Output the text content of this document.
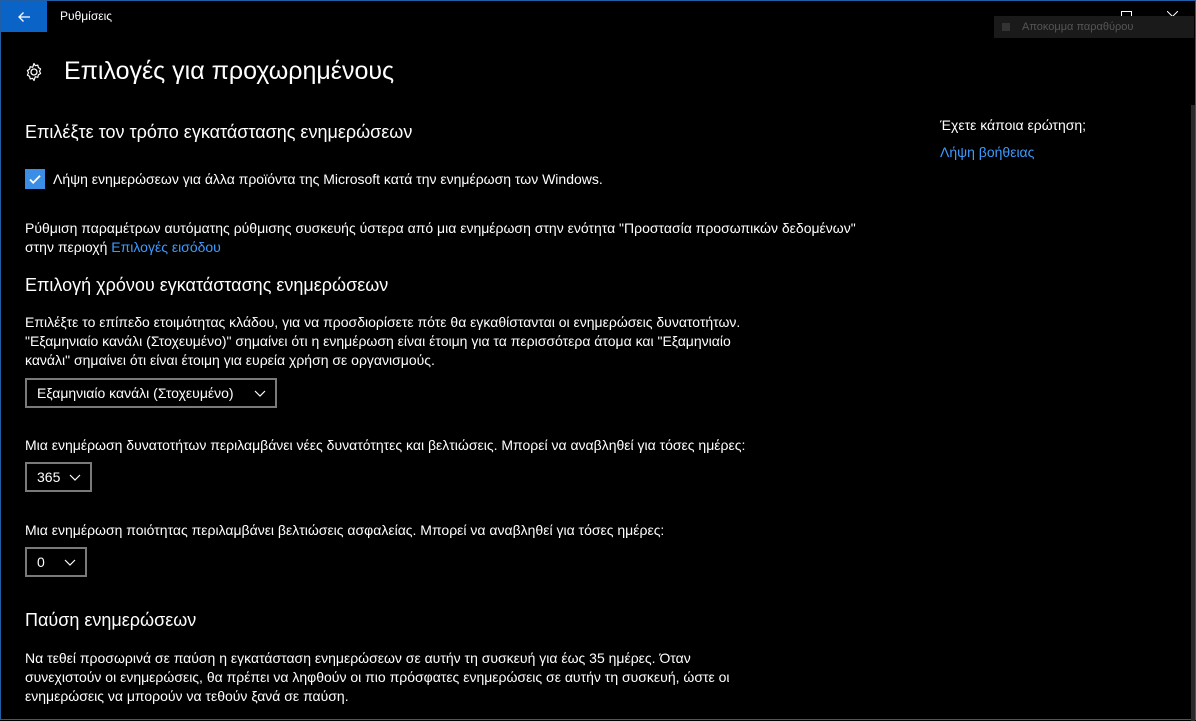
Ρυθμίσεις
Αποκομμα παραθύρου
Επιλογές για προχωρημένους
Επιλέξτε τον τρόπο εγκατάστασης ενημερώσεων
Λήψη ενημερώσεων για άλλα προϊόντα της Microsoft κατά την ενημέρωση των Windows.
Ρύθμιση παραμέτρων αυτόματης ρύθμισης συσκευής ύστερα από μια ενημέρωση στην ενότητα "Προστασία προσωπικών δεδομένων"
στην περιοχή Επιλογές εισόδου
Επιλογή χρόνου εγκατάστασης ενημερώσεων
Επιλέξτε το επίπεδο ετοιμότητας κλάδου, για να προσδιορίσετε πότε θα εγκαθίστανται οι ενημερώσεις δυνατοτήτων.
"Εξαμηνιαίο κανάλι (Στοχευμένο)" σημαίνει ότι η ενημέρωση είναι έτοιμη για τα περισσότερα άτομα και "Εξαμηνιαίο
κανάλι" σημαίνει ότι είναι έτοιμη για ευρεία χρήση σε οργανισμούς.
Εξαμηνιαίο κανάλι (Στοχευμένο)
Μια ενημέρωση δυνατοτήτων περιλαμβάνει νέες δυνατότητες και βελτιώσεις. Μπορεί να αναβληθεί για τόσες ημέρες:
365
Μια ενημέρωση ποιότητας περιλαμβάνει βελτιώσεις ασφαλείας. Μπορεί να αναβληθεί για τόσες ημέρες:
0
Παύση ενημερώσεων
Να τεθεί προσωρινά σε παύση η εγκατάσταση ενημερώσεων σε αυτήν τη συσκευή για έως 35 ημέρες. Όταν
συνεχιστούν οι ενημερώσεις, θα πρέπει να ληφθούν οι πιο πρόσφατες ενημερώσεις σε αυτήν τη συσκευή, ώστε οι
ενημερώσεις να μπορούν να τεθούν ξανά σε παύση.
Έχετε κάποια ερώτηση;
Λήψη βοήθειας
